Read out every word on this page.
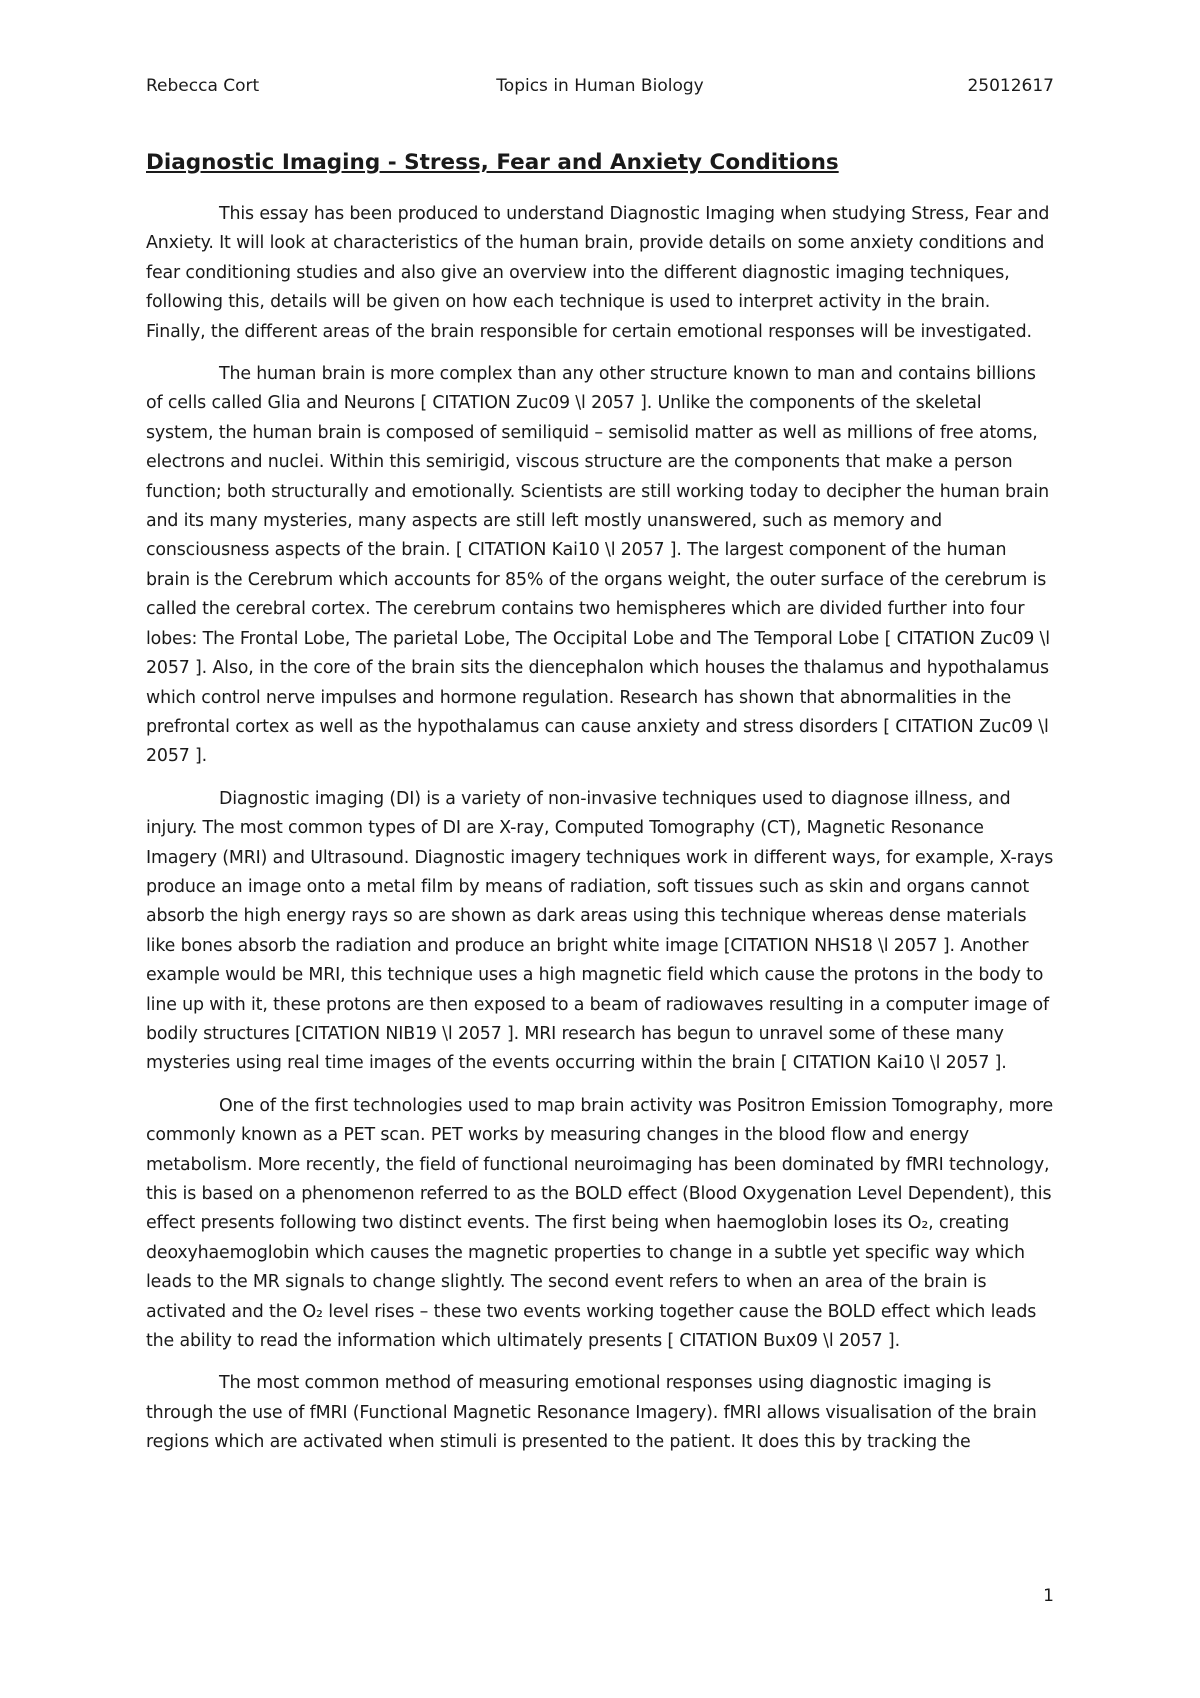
Rebecca Cort	Topics in Human Biology	25012617
Diagnostic Imaging - Stress, Fear and Anxiety Conditions

This essay has been produced to understand Diagnostic Imaging when studying Stress, Fear and Anxiety. It will look at characteristics of the human brain, provide details on some anxiety conditions and fear conditioning studies and also give an overview into the different diagnostic imaging techniques, following this, details will be given on how each technique is used to interpret activity in the brain. Finally, the different areas of the brain responsible for certain emotional responses will be investigated.

The human brain is more complex than any other structure known to man and contains billions of cells called Glia and Neurons [ CITATION Zuc09 \l 2057 ]. Unlike the components of the skeletal system, the human brain is composed of semiliquid – semisolid matter as well as millions of free atoms, electrons and nuclei. Within this semirigid, viscous structure are the components that make a person function; both structurally and emotionally. Scientists are still working today to decipher the human brain and its many mysteries, many aspects are still left mostly unanswered, such as memory and consciousness aspects of the brain. [ CITATION Kai10 \l 2057 ]. The largest component of the human brain is the Cerebrum which accounts for 85% of the organs weight, the outer surface of the cerebrum is called the cerebral cortex. The cerebrum contains two hemispheres which are divided further into four lobes: The Frontal Lobe, The parietal Lobe, The Occipital Lobe and The Temporal Lobe [ CITATION Zuc09 \l 2057 ]. Also, in the core of the brain sits the diencephalon which houses the thalamus and hypothalamus which control nerve impulses and hormone regulation. Research has shown that abnormalities in the prefrontal cortex as well as the hypothalamus can cause anxiety and stress disorders [ CITATION Zuc09 \l 2057 ].

Diagnostic imaging (DI) is a variety of non-invasive techniques used to diagnose illness, and injury. The most common types of DI are X-ray, Computed Tomography (CT), Magnetic Resonance Imagery (MRI) and Ultrasound. Diagnostic imagery techniques work in different ways, for example, X-rays produce an image onto a metal film by means of radiation, soft tissues such as skin and organs cannot absorb the high energy rays so are shown as dark areas using this technique whereas dense materials like bones absorb the radiation and produce an bright white image [CITATION NHS18 \l 2057 ]. Another example would be MRI, this technique uses a high magnetic field which cause the protons in the body to line up with it, these protons are then exposed to a beam of radiowaves resulting in a computer image of bodily structures [CITATION NIB19 \l 2057 ]. MRI research has begun to unravel some of these many mysteries using real time images of the events occurring within the brain [ CITATION Kai10 \l 2057 ].

One of the first technologies used to map brain activity was Positron Emission Tomography, more commonly known as a PET scan. PET works by measuring changes in the blood flow and energy metabolism. More recently, the field of functional neuroimaging has been dominated by fMRI technology, this is based on a phenomenon referred to as the BOLD effect (Blood Oxygenation Level Dependent), this effect presents following two distinct events. The first being when haemoglobin loses its O₂, creating deoxyhaemoglobin which causes the magnetic properties to change in a subtle yet specific way which leads to the MR signals to change slightly. The second event refers to when an area of the brain is activated and the O₂ level rises – these two events working together cause the BOLD effect which leads the ability to read the information which ultimately presents [ CITATION Bux09 \l 2057 ].

The most common method of measuring emotional responses using diagnostic imaging is through the use of fMRI (Functional Magnetic Resonance Imagery). fMRI allows visualisation of the brain regions which are activated when stimuli is presented to the patient. It does this by tracking the

1
